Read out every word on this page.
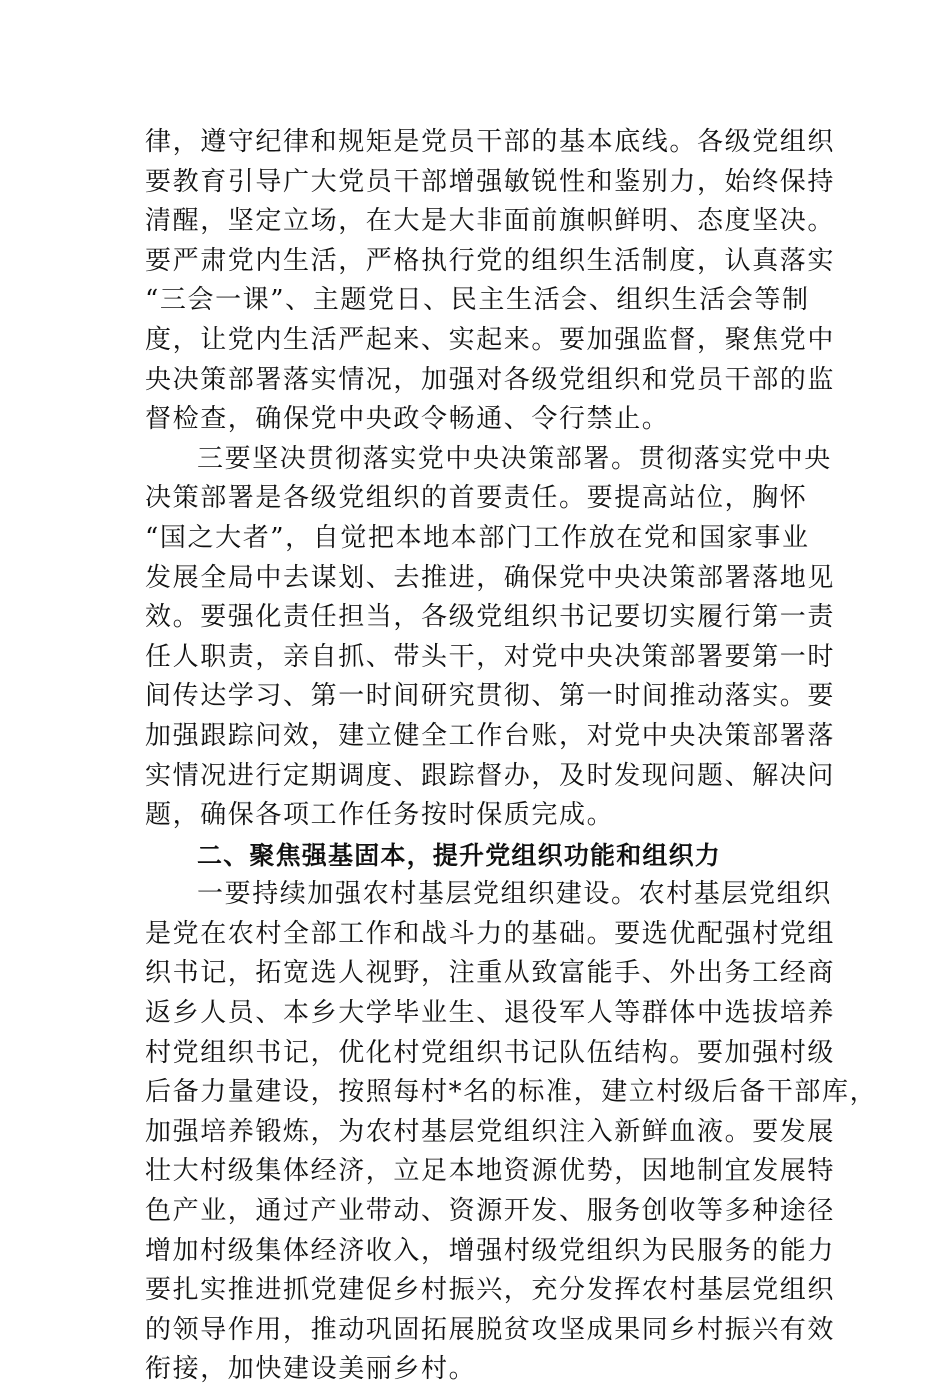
律，遵守纪律和规矩是党员干部的基本底线。各级党组织
要教育引导广大党员干部增强敏锐性和鉴别力，始终保持
清醒，坚定立场，在大是大非面前旗帜鲜明、态度坚决。
要严肃党内生活，严格执行党的组织生活制度，认真落实
“三会一课”、主题党日、民主生活会、组织生活会等制
度，让党内生活严起来、实起来。要加强监督，聚焦党中
央决策部署落实情况，加强对各级党组织和党员干部的监
督检查，确保党中央政令畅通、令行禁止。
三要坚决贯彻落实党中央决策部署。贯彻落实党中央
决策部署是各级党组织的首要责任。要提高站位，胸怀
“国之大者”，自觉把本地本部门工作放在党和国家事业
发展全局中去谋划、去推进，确保党中央决策部署落地见
效。要强化责任担当，各级党组织书记要切实履行第一责
任人职责，亲自抓、带头干，对党中央决策部署要第一时
间传达学习、第一时间研究贯彻、第一时间推动落实。要
加强跟踪问效，建立健全工作台账，对党中央决策部署落
实情况进行定期调度、跟踪督办，及时发现问题、解决问
题，确保各项工作任务按时保质完成。
二、聚焦强基固本，提升党组织功能和组织力
一要持续加强农村基层党组织建设。农村基层党组织
是党在农村全部工作和战斗力的基础。要选优配强村党组
织书记，拓宽选人视野，注重从致富能手、外出务工经商
返乡人员、本乡大学毕业生、退役军人等群体中选拔培养
村党组织书记，优化村党组织书记队伍结构。要加强村级
后备力量建设，按照每村*名的标准，建立村级后备干部库，
加强培养锻炼，为农村基层党组织注入新鲜血液。要发展
壮大村级集体经济，立足本地资源优势，因地制宜发展特
色产业，通过产业带动、资源开发、服务创收等多种途径
增加村级集体经济收入，增强村级党组织为民服务的能力
要扎实推进抓党建促乡村振兴，充分发挥农村基层党组织
的领导作用，推动巩固拓展脱贫攻坚成果同乡村振兴有效
衔接，加快建设美丽乡村。
